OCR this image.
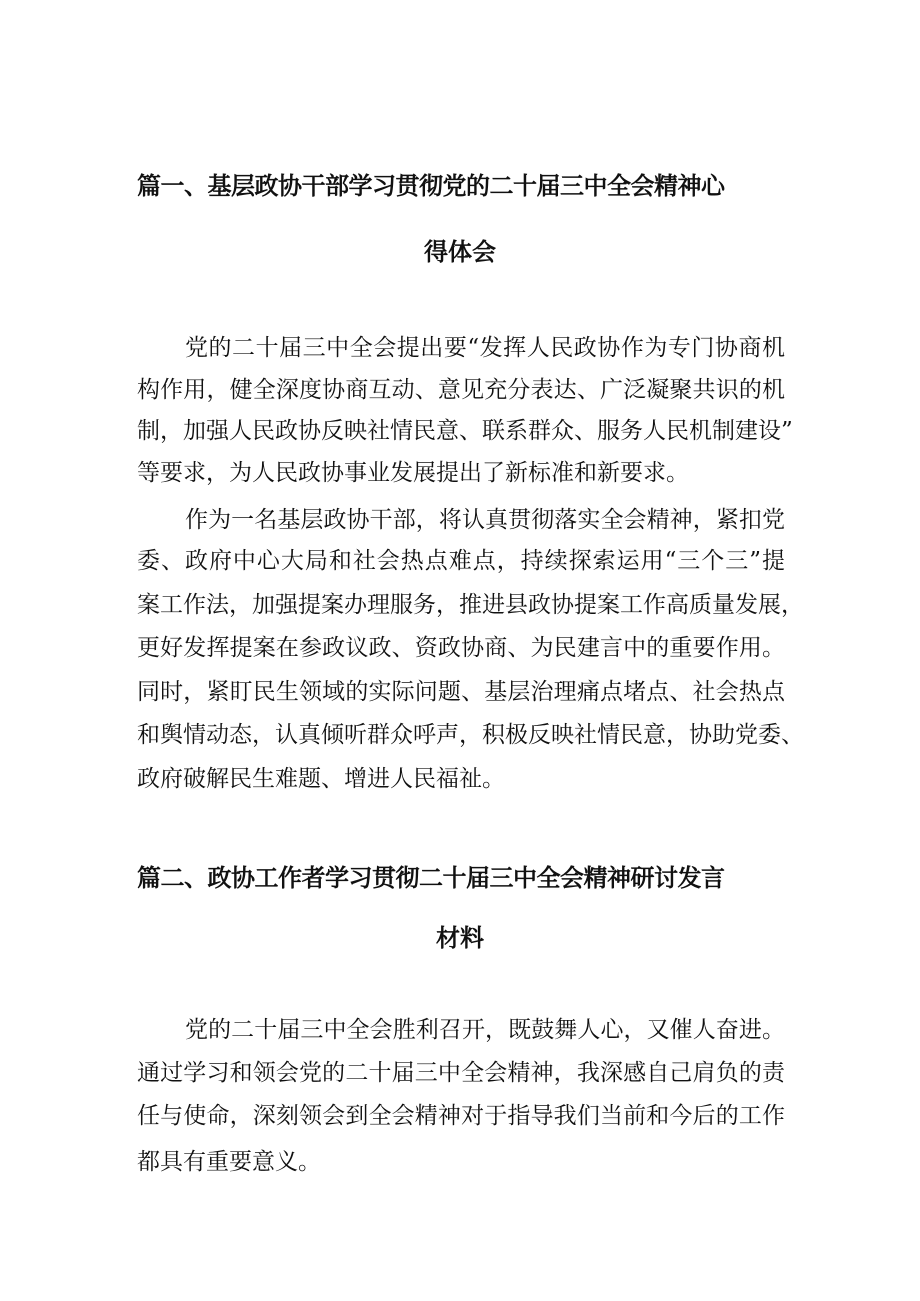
篇一、基层政协干部学习贯彻党的二十届三中全会精神心
得体会
党的二十届三中全会提出要“发挥人民政协作为专门协商机
构作用，健全深度协商互动、意见充分表达、广泛凝聚共识的机
制，加强人民政协反映社情民意、联系群众、服务人民机制建设”
等要求，为人民政协事业发展提出了新标准和新要求。
作为一名基层政协干部，将认真贯彻落实全会精神，紧扣党
委、政府中心大局和社会热点难点，持续探索运用“三个三”提
案工作法，加强提案办理服务，推进县政协提案工作高质量发展，
更好发挥提案在参政议政、资政协商、为民建言中的重要作用。
同时，紧盯民生领域的实际问题、基层治理痛点堵点、社会热点
和舆情动态，认真倾听群众呼声，积极反映社情民意，协助党委、
政府破解民生难题、增进人民福祉。
篇二、政协工作者学习贯彻二十届三中全会精神研讨发言
材料
党的二十届三中全会胜利召开，既鼓舞人心，又催人奋进。
通过学习和领会党的二十届三中全会精神，我深感自己肩负的责
任与使命，深刻领会到全会精神对于指导我们当前和今后的工作
都具有重要意义。
